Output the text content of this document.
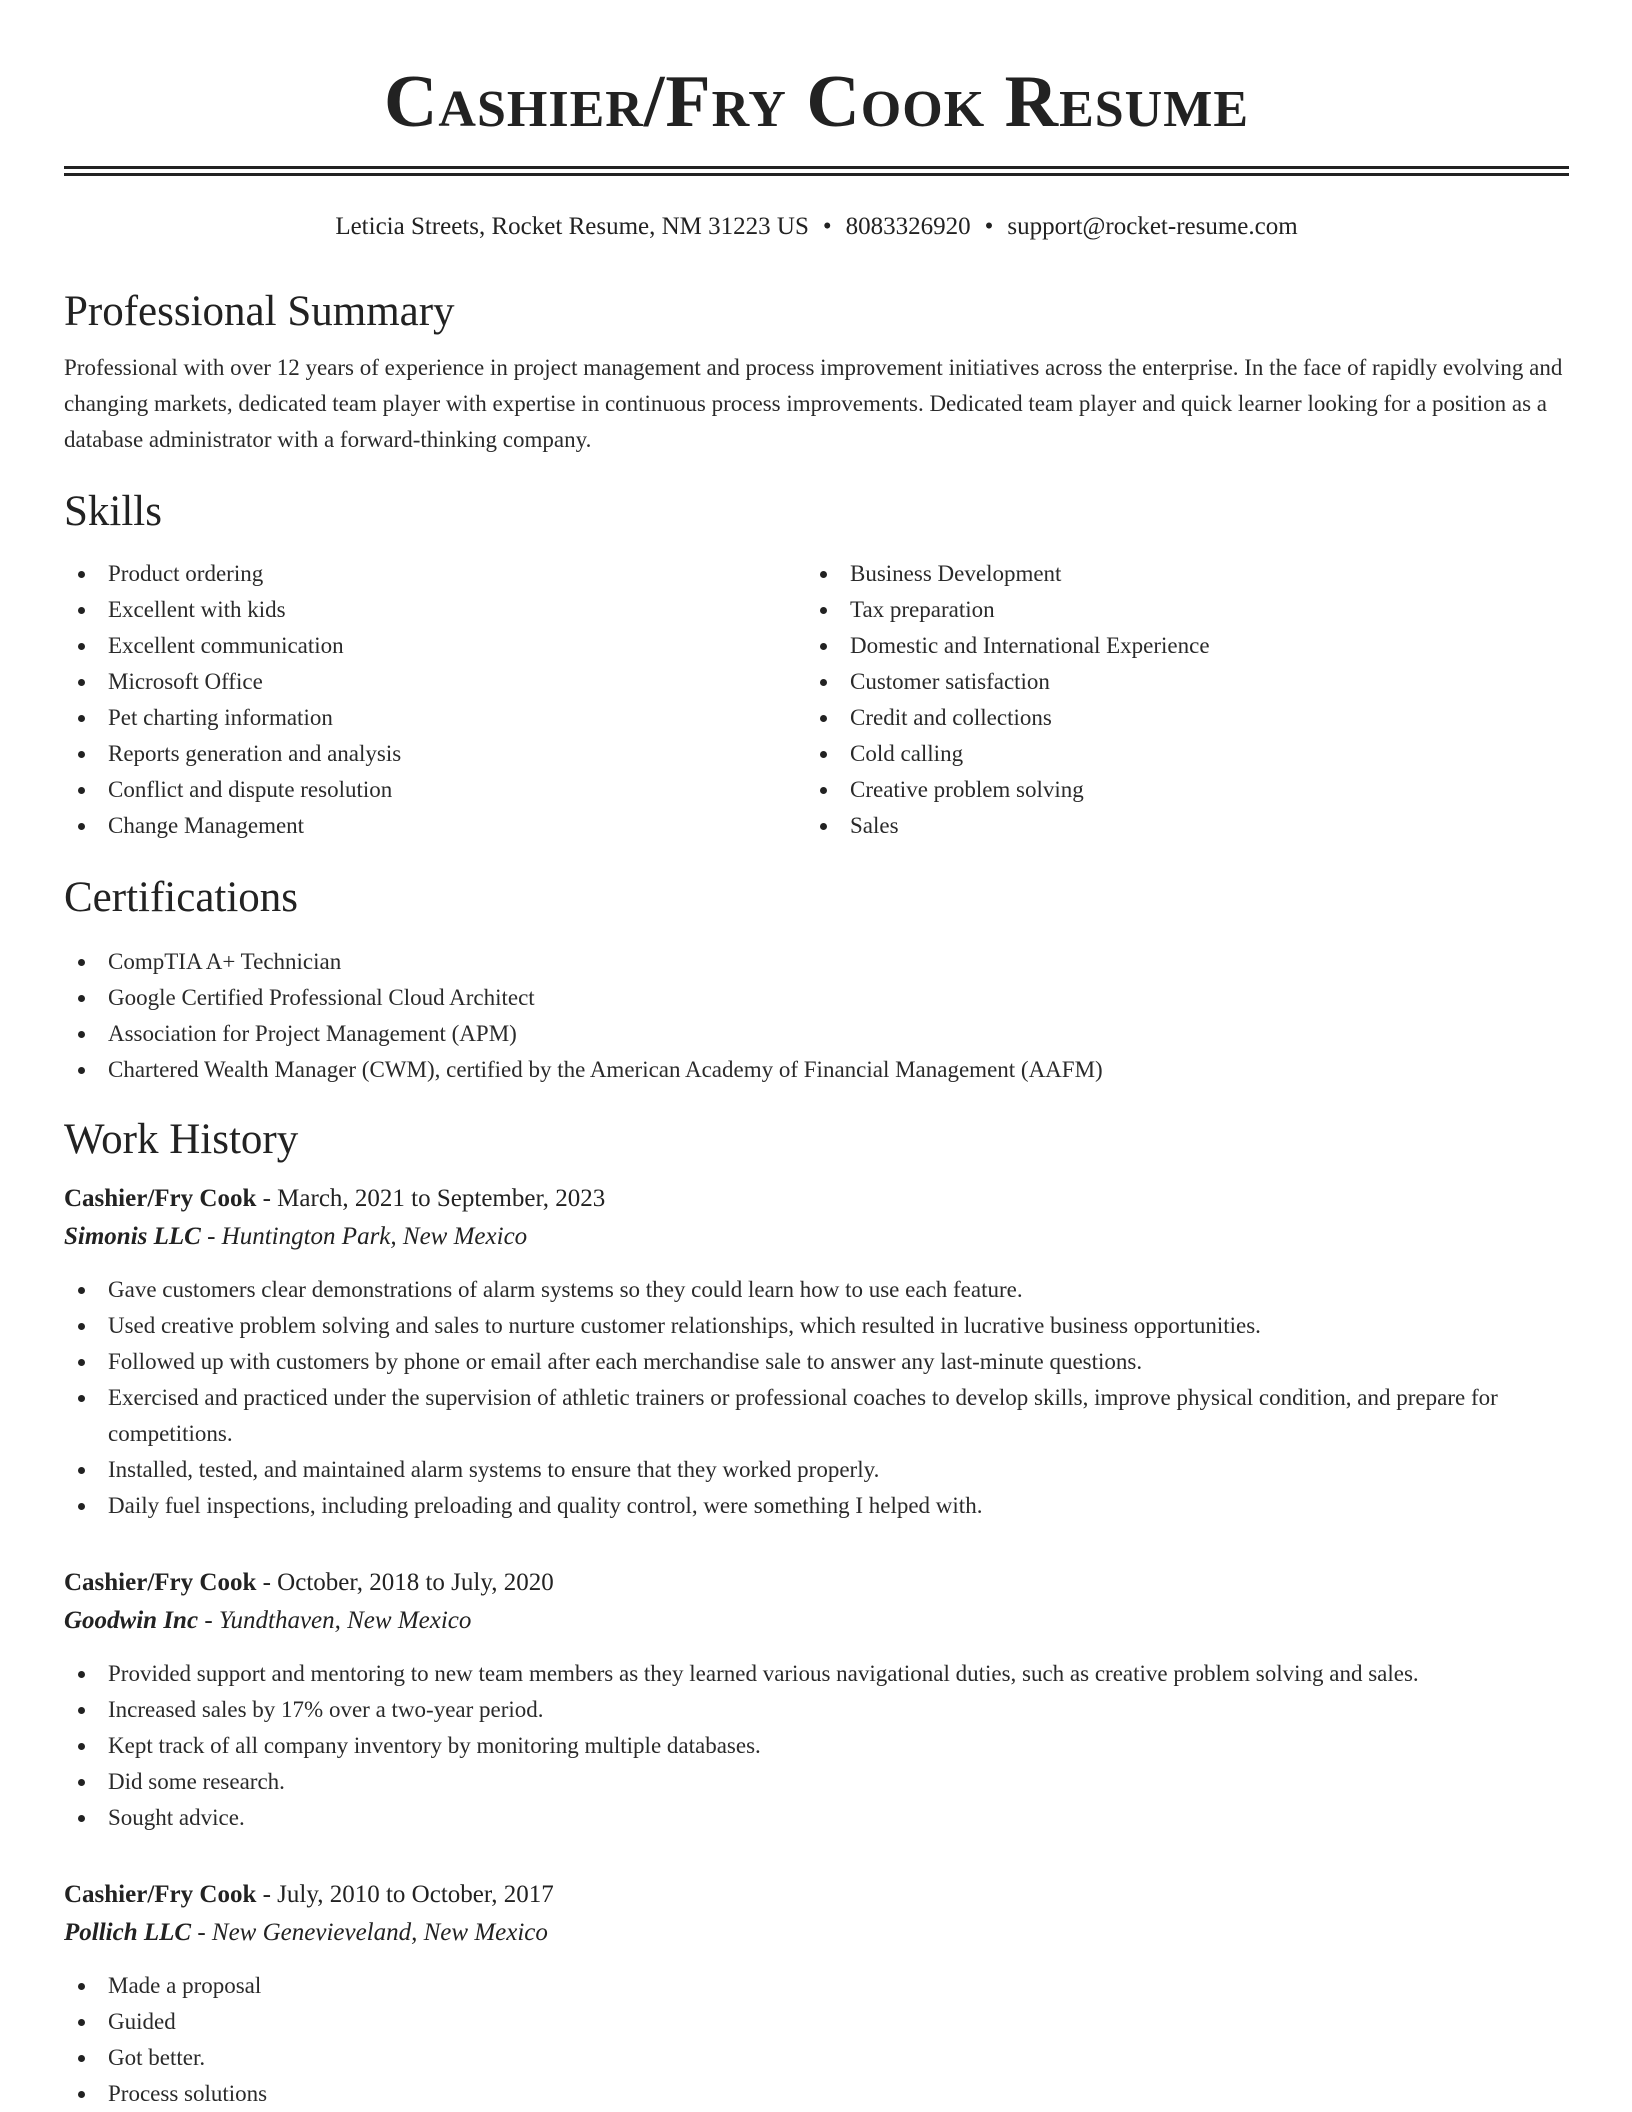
Cashier/Fry Cook Resume
Leticia Streets, Rocket Resume, NM 31223 US • 8083326920 • support@rocket-resume.com
Professional Summary
Professional with over 12 years of experience in project management and process improvement initiatives across the enterprise. In the face of rapidly evolving and changing markets, dedicated team player with expertise in continuous process improvements. Dedicated team player and quick learner looking for a position as a database administrator with a forward-thinking company.
Skills
Product ordering
Excellent with kids
Excellent communication
Microsoft Office
Pet charting information
Reports generation and analysis
Conflict and dispute resolution
Change Management
Business Development
Tax preparation
Domestic and International Experience
Customer satisfaction
Credit and collections
Cold calling
Creative problem solving
Sales
Certifications
CompTIA A+ Technician
Google Certified Professional Cloud Architect
Association for Project Management (APM)
Chartered Wealth Manager (CWM), certified by the American Academy of Financial Management (AAFM)
Work History
Cashier/Fry Cook - March, 2021 to September, 2023
Simonis LLC - Huntington Park, New Mexico
Gave customers clear demonstrations of alarm systems so they could learn how to use each feature.
Used creative problem solving and sales to nurture customer relationships, which resulted in lucrative business opportunities.
Followed up with customers by phone or email after each merchandise sale to answer any last-minute questions.
Exercised and practiced under the supervision of athletic trainers or professional coaches to develop skills, improve physical condition, and prepare for competitions.
Installed, tested, and maintained alarm systems to ensure that they worked properly.
Daily fuel inspections, including preloading and quality control, were something I helped with.
Cashier/Fry Cook - October, 2018 to July, 2020
Goodwin Inc - Yundthaven, New Mexico
Provided support and mentoring to new team members as they learned various navigational duties, such as creative problem solving and sales.
Increased sales by 17% over a two-year period.
Kept track of all company inventory by monitoring multiple databases.
Did some research.
Sought advice.
Cashier/Fry Cook - July, 2010 to October, 2017
Pollich LLC - New Genevieveland, New Mexico
Made a proposal
Guided
Got better.
Process solutions
